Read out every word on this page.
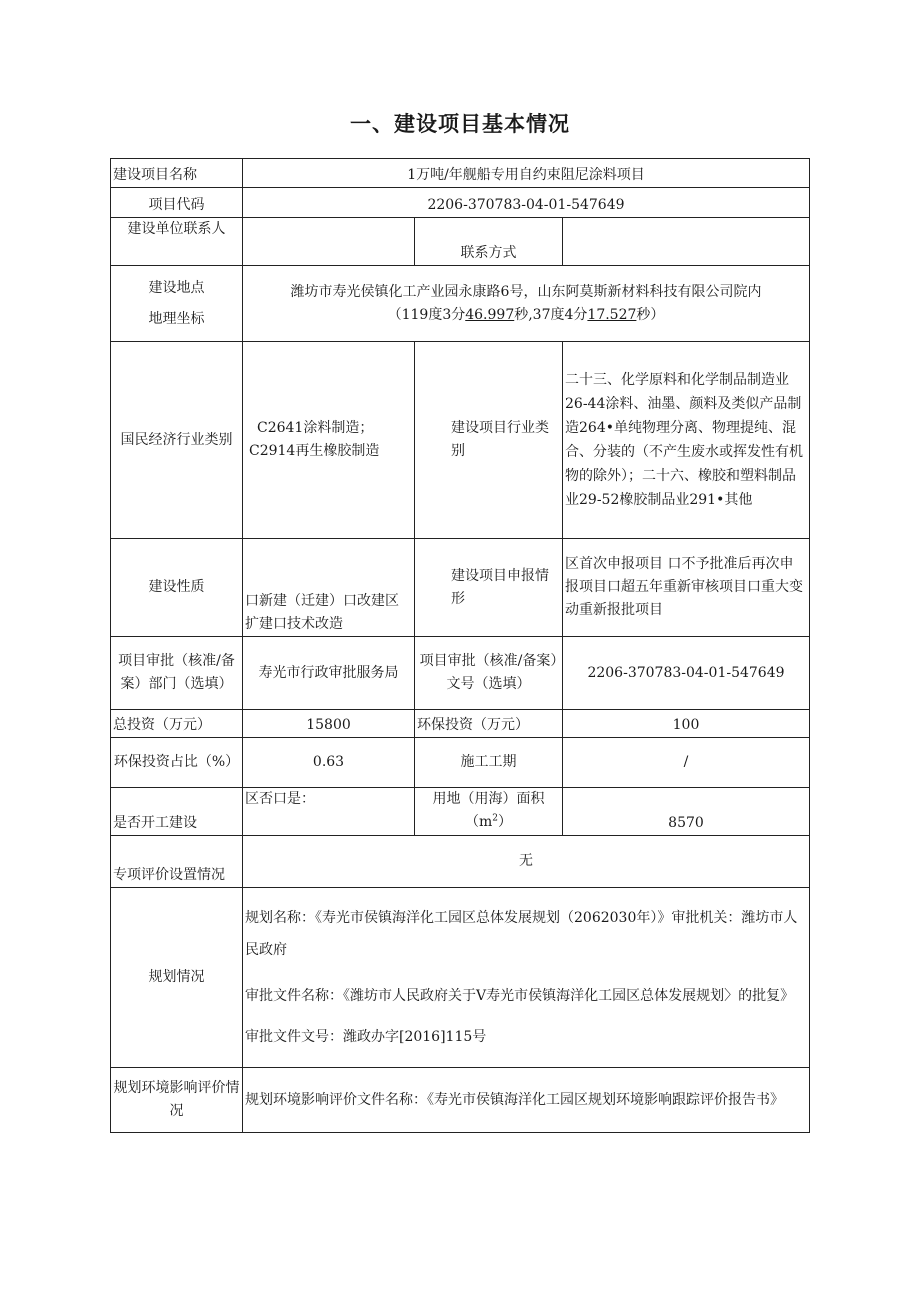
一、建设项目基本情况
建设项目名称	1万吨/年舰船专用自约束阻尼涂料项目		
项目代码	2206-370783-04-01-547649		
建设单位联系人		联系方式	

建设地点
地理坐标	潍坊市寿光侯镇化工产业园永康路6号，山东阿莫斯新材料科技有限公司院内
（119度3分46.997秒,37度4分17.527秒）		

国民经济行业类别	C2641涂料制造；
C2914再生橡胶制造	建设项目行业类别	二十三、化学原料和化学制品制造业26-44涂料、油墨、颜料及类似产品制造264•单纯物理分离、物理提纯、混合、分装的（不产生废水或挥发性有机物的除外）；二十六、橡胶和塑料制品业29-52橡胶制品业291•其他
建设性质	口新建（迁建）口改建区扩建口技术改造	建设项目申报情形	区首次申报项目 口不予批准后再次申报项目口超五年重新审核项目口重大变动重新报批项目
项目审批（核准/备案）部门（选填）	寿光市行政审批服务局	项目审批（核准/备案）文号（选填）	2206-370783-04-01-547649
总投资（万元）	15800	环保投资（万元）	100
环保投资占比（%）	0.63	施工工期	/
是否开工建设	区否口是：	用地（用海）面积$(m^2)$	8570
专项评价设置情况	无		
规划情况	规划名称：《寿光市侯镇海洋化工园区总体发展规划（2062030年）》审批机关：潍坊市人民政府
审批文件名称：《潍坊市人民政府关于V寿光市侯镇海洋化工园区总体发展规划〉的批复》
审批文件文号：潍政办字[2016]115号		

规划环境影响评价情况	规划环境影响评价文件名称：《寿光市侯镇海洋化工园区规划环境影响跟踪评价报告书》		
